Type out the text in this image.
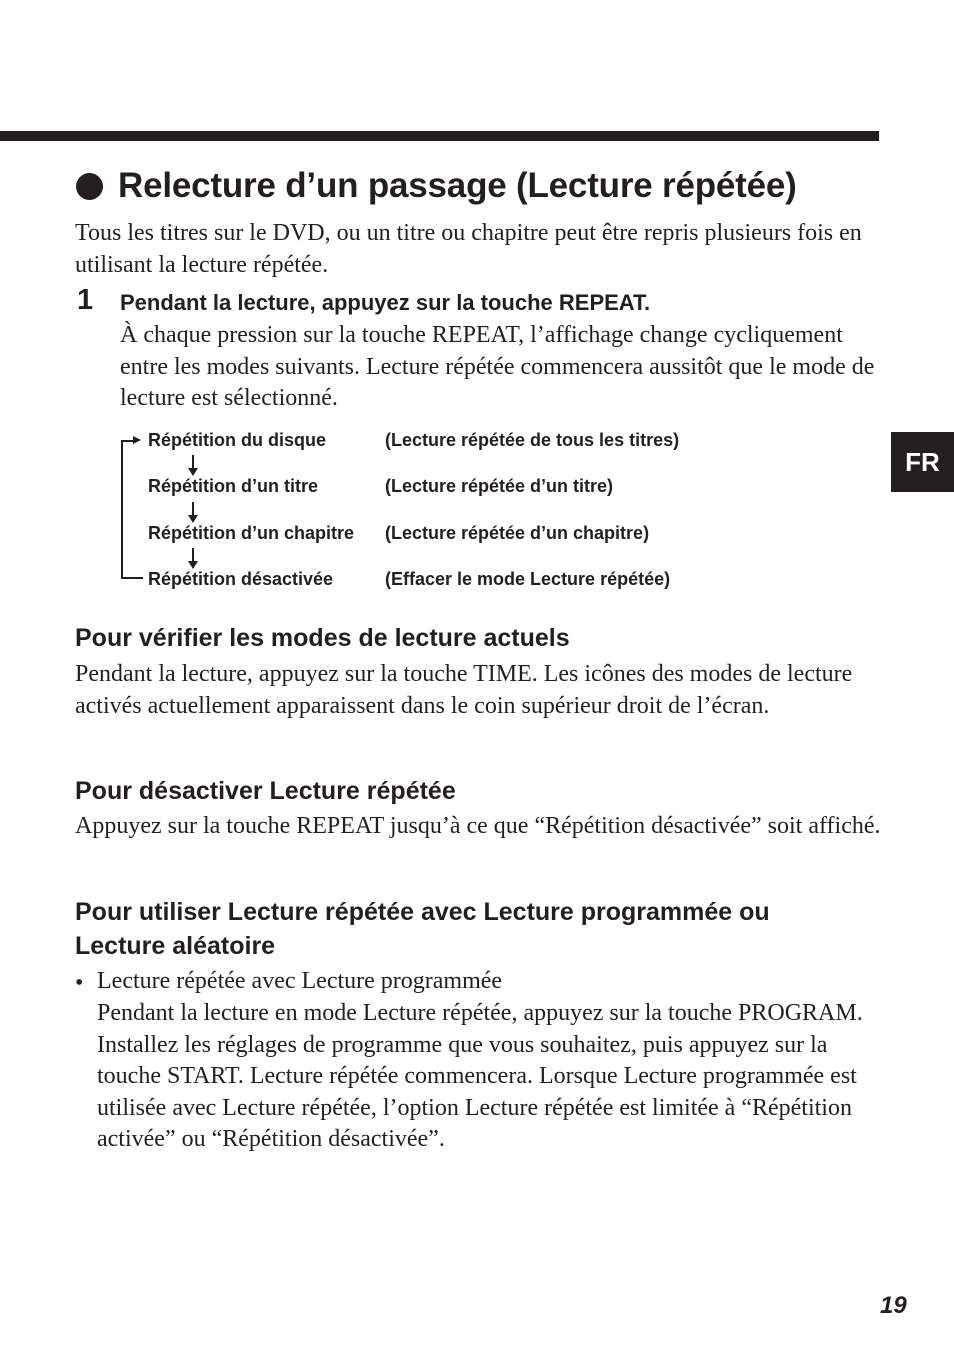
Relecture d’un passage (Lecture répétée)
Tous les titres sur le DVD, ou un titre ou chapitre peut être repris plusieurs fois en utilisant la lecture répétée.
1 Pendant la lecture, appuyez sur la touche REPEAT.
À chaque pression sur la touche REPEAT, l’affichage change cycliquement entre les modes suivants. Lecture répétée commencera aussitôt que le mode de lecture est sélectionné.
Répétition du disque	(Lecture répétée de tous les titres)
Répétition d’un titre	(Lecture répétée d’un titre)
Répétition d’un chapitre (Lecture répétée d’un chapitre)
Répétition désactivée	(Effacer le mode Lecture répétée)
Pour vérifier les modes de lecture actuels
Pendant la lecture, appuyez sur la touche TIME. Les icônes des modes de lecture activés actuellement apparaissent dans le coin supérieur droit de l’écran.
Pour désactiver Lecture répétée
Appuyez sur la touche REPEAT jusqu’à ce que “Répétition désactivée” soit affiché.
Pour utiliser Lecture répétée avec Lecture programmée ou
Lecture aléatoire
• Lecture répétée avec Lecture programmée
Pendant la lecture en mode Lecture répétée, appuyez sur la touche PROGRAM. Installez les réglages de programme que vous souhaitez, puis appuyez sur la touche START. Lecture répétée commencera. Lorsque Lecture programmée est utilisée avec Lecture répétée, l’option Lecture répétée est limitée à “Répétition activée” ou “Répétition désactivée”.
FR
19
